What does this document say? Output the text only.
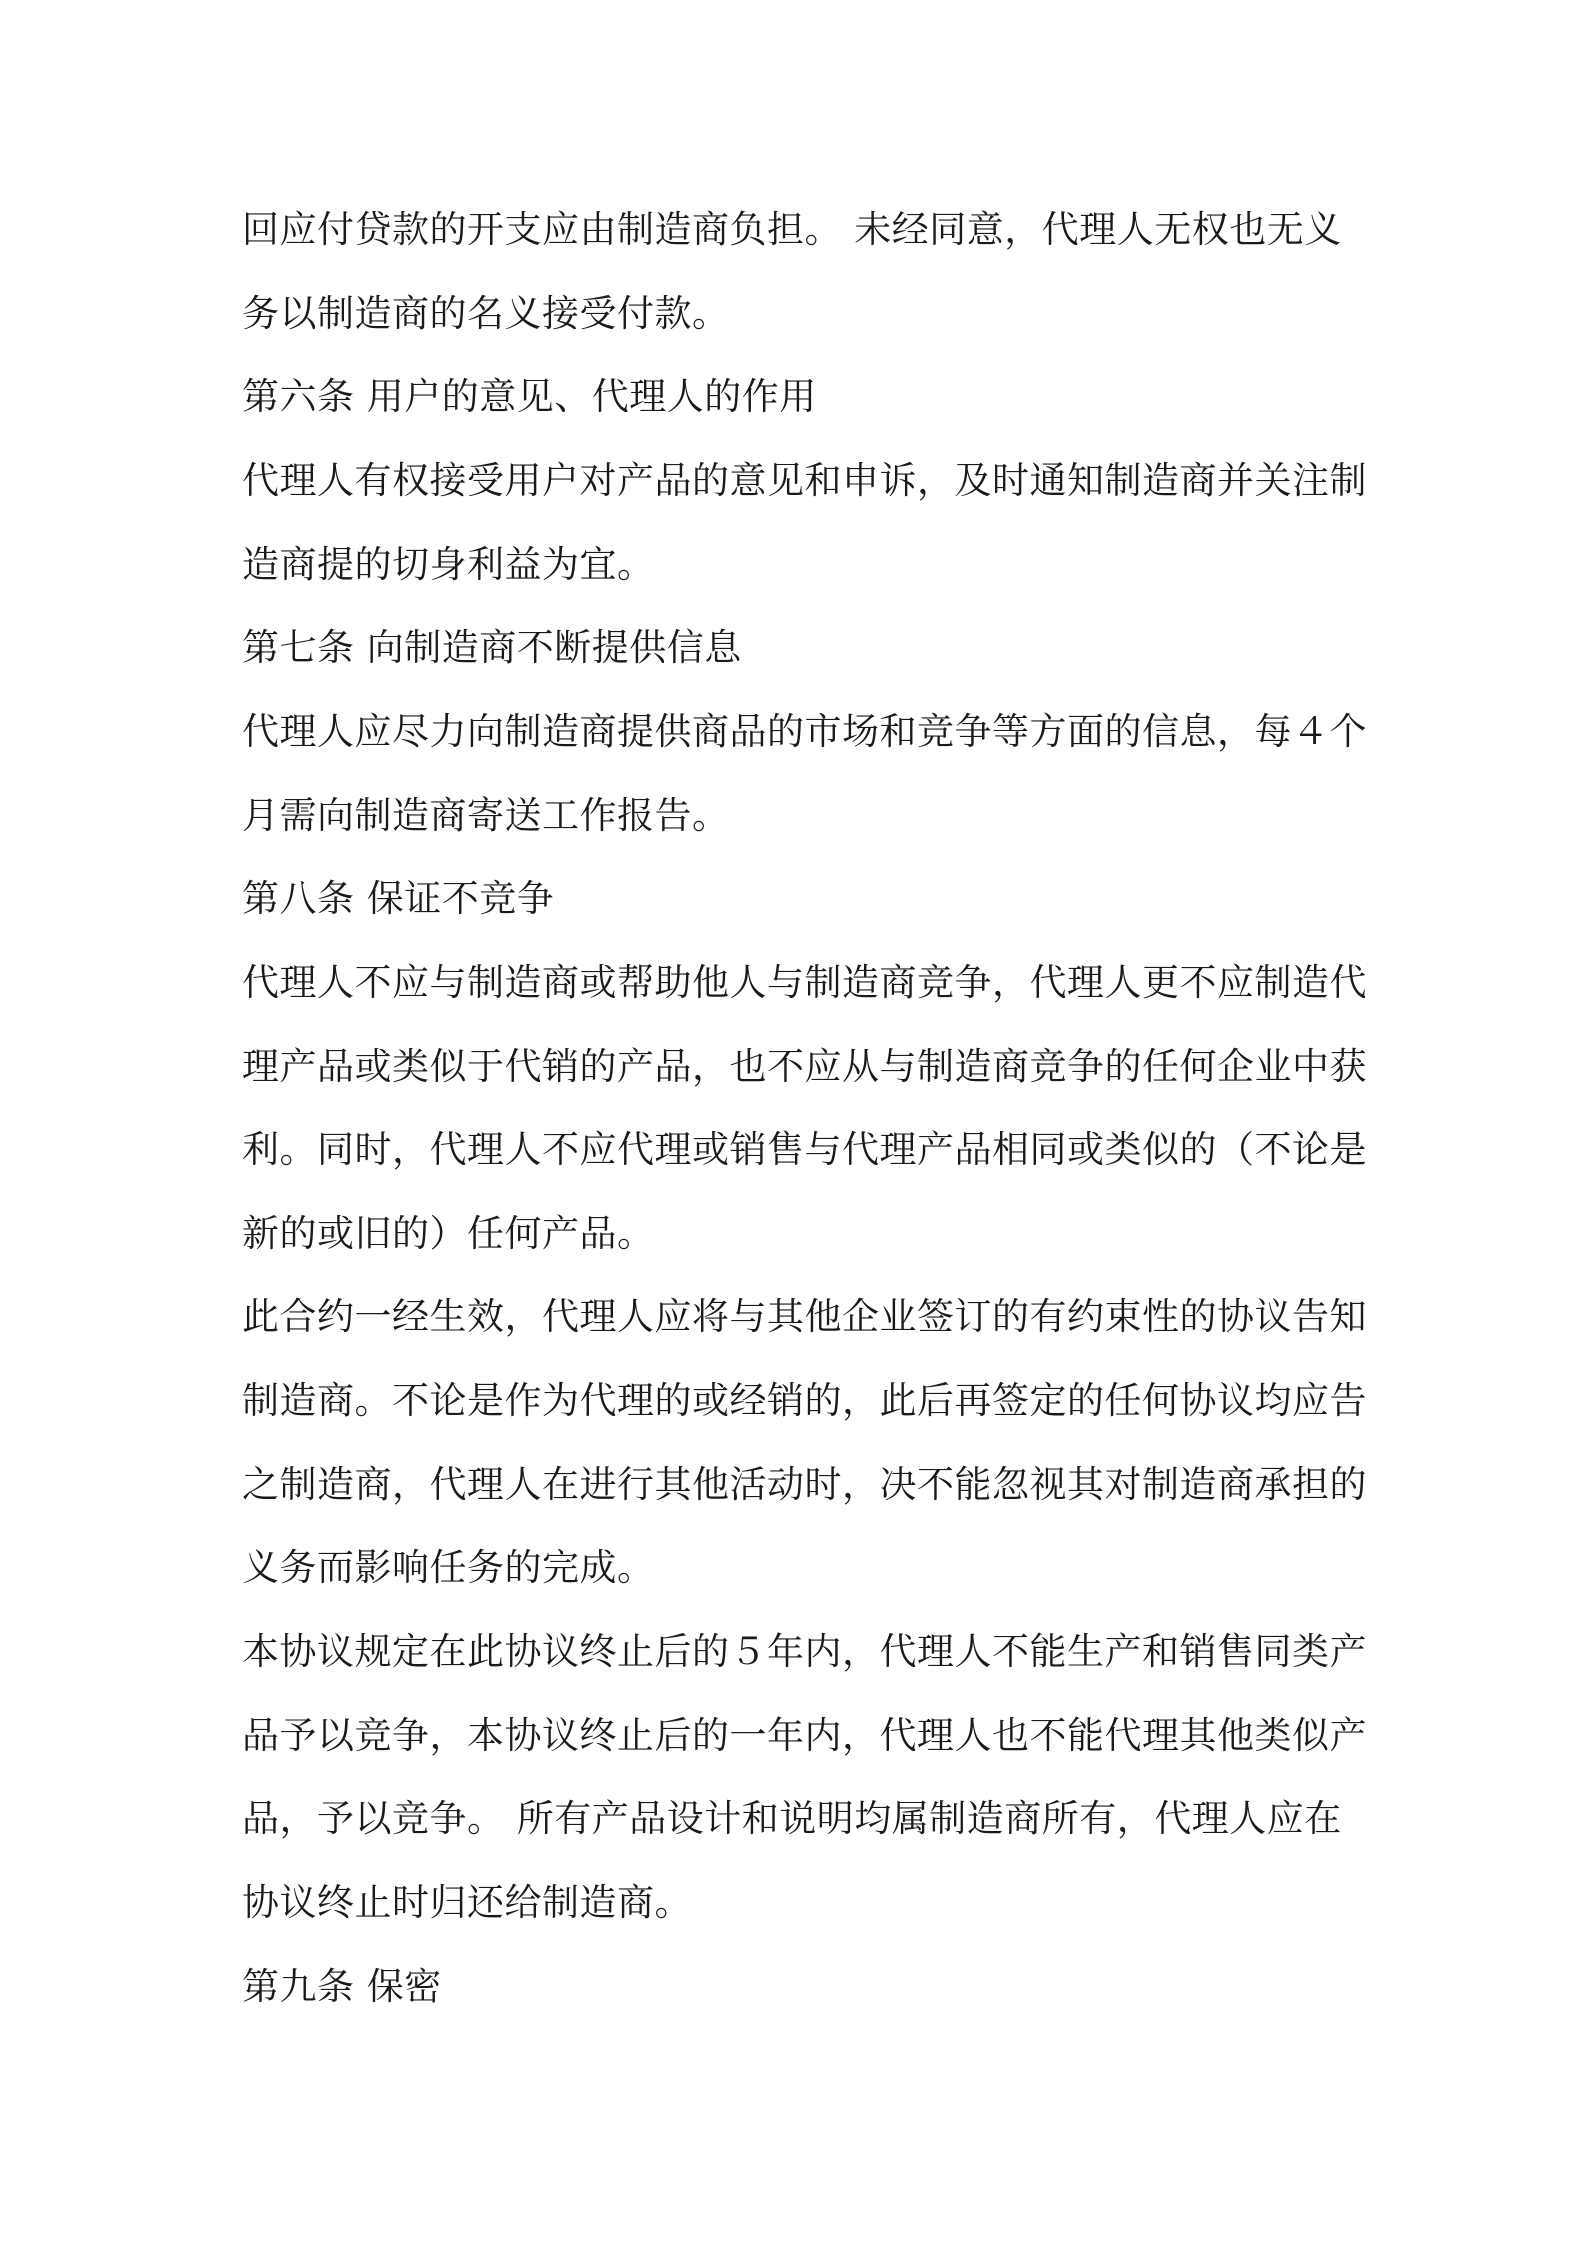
回应付贷款的开支应由制造商负担。 未经同意，代理人无权也无义
务以制造商的名义接受付款。
第六条 用户的意见、代理人的作用
代理人有权接受用户对产品的意见和申诉，及时通知制造商并关注制
造商提的切身利益为宜。
第七条 向制造商不断提供信息
代理人应尽力向制造商提供商品的市场和竞争等方面的信息，每４个
月需向制造商寄送工作报告。
第八条 保证不竞争
代理人不应与制造商或帮助他人与制造商竞争，代理人更不应制造代
理产品或类似于代销的产品，也不应从与制造商竞争的任何企业中获
利。同时，代理人不应代理或销售与代理产品相同或类似的（不论是
新的或旧的）任何产品。
此合约一经生效，代理人应将与其他企业签订的有约束性的协议告知
制造商。不论是作为代理的或经销的，此后再签定的任何协议均应告
之制造商，代理人在进行其他活动时，决不能忽视其对制造商承担的
义务而影响任务的完成。
本协议规定在此协议终止后的５年内，代理人不能生产和销售同类产
品予以竞争，本协议终止后的一年内，代理人也不能代理其他类似产
品，予以竞争。 所有产品设计和说明均属制造商所有，代理人应在
协议终止时归还给制造商。
第九条 保密
